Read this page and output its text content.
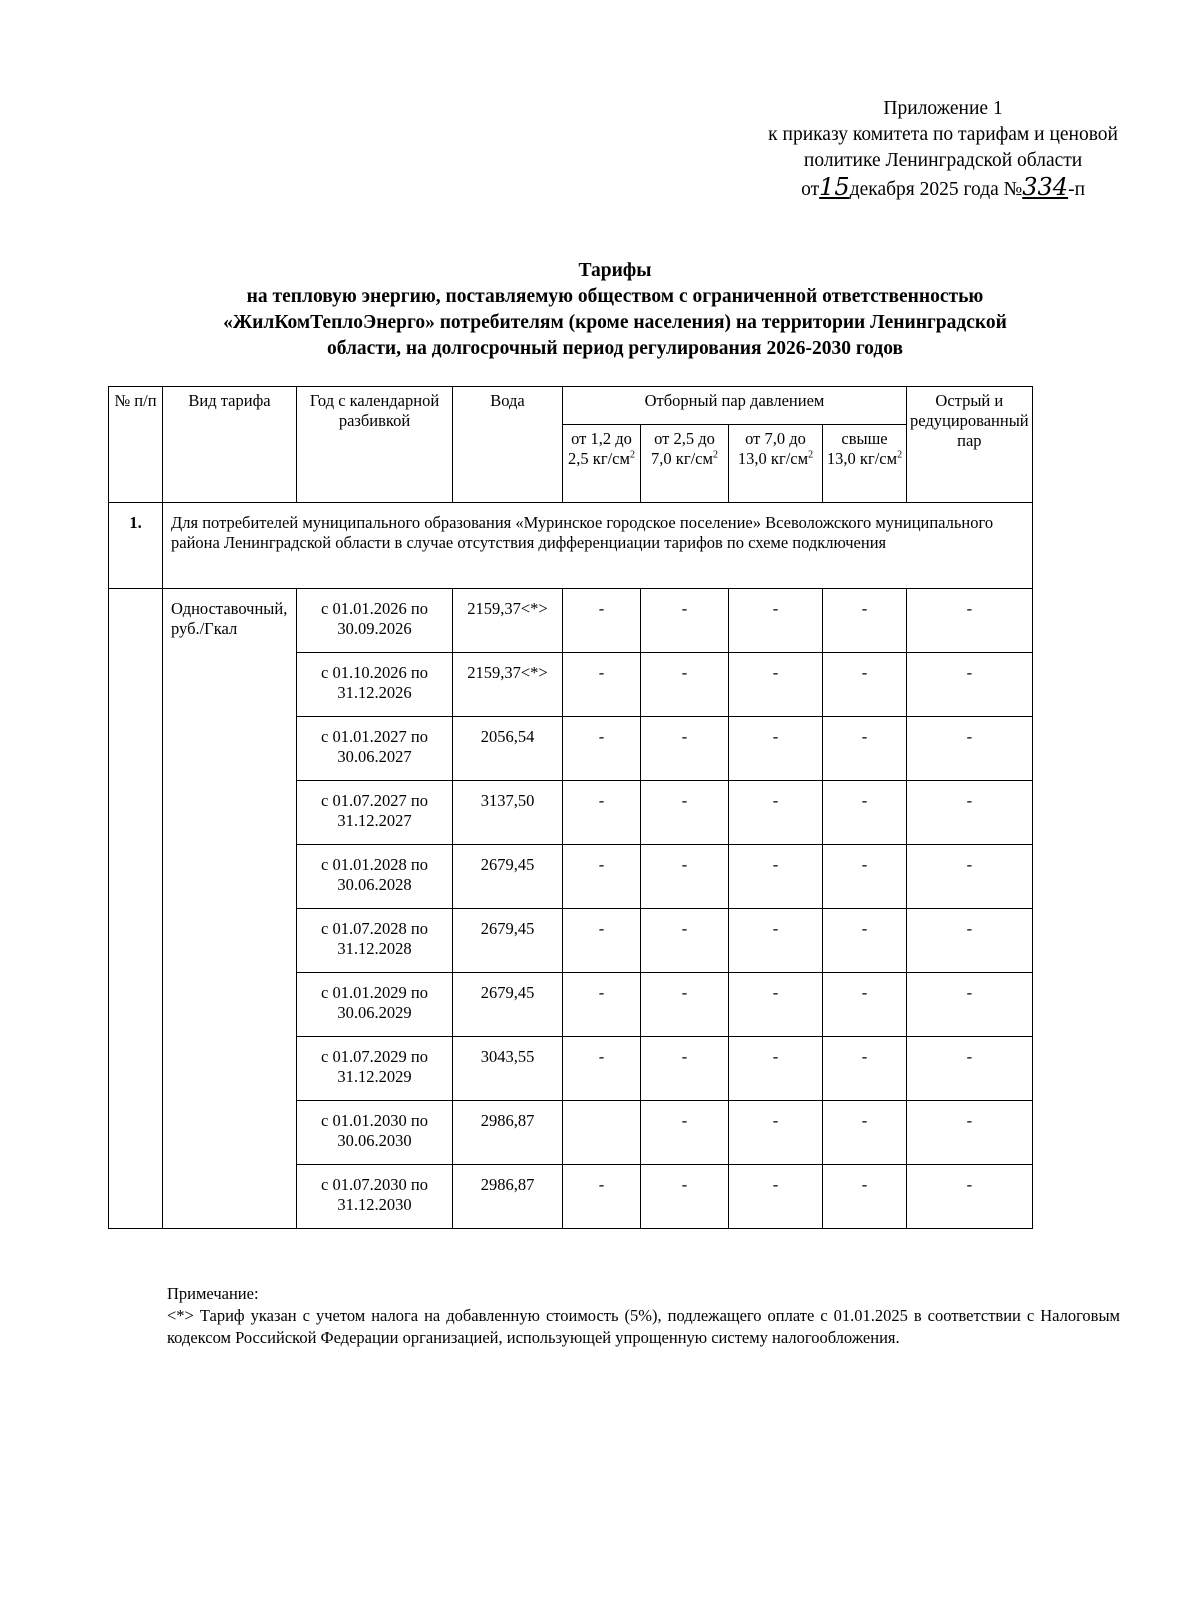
Приложение 1
к приказу комитета по тарифам и ценовой
политике Ленинградской области
от15декабря 2025 года №334-п
Тарифы
на тепловую энергию, поставляемую обществом с ограниченной ответственностью
«ЖилКомТеплоЭнерго» потребителям (кроме населения) на территории Ленинградской
области, на долгосрочный период регулирования 2026-2030 годов
№ п/п	Вид тарифа	Год с календарной разбивкой	Вода	Отборный пар давлением				Острый и редуцированный пар
				от 1,2 до 2,5 $кг/см^2$	от 2,5 до 7,0 $кг/см^2$	от 7,0 до 13,0 $кг/см^2$	свыше 13,0 $кг/см^2$
1.	Для потребителей муниципального образования «Муринское городское поселение» Всеволожского муниципального района Ленинградской области в случае отсутствия дифференциации тарифов по схеме подключения							
	Одноставочный, руб./Гкал	с 01.01.2026 по 30.09.2026	2159,37<*>	-	-	-	-	-
		с 01.10.2026 по 31.12.2026	2159,37<*>	-	-	-	-	-
		с 01.01.2027 по 30.06.2027	2056,54	-	-	-	-	-
		с 01.07.2027 по 31.12.2027	3137,50	-	-	-	-	-
		с 01.01.2028 по 30.06.2028	2679,45	-	-	-	-	-
		с 01.07.2028 по 31.12.2028	2679,45	-	-	-	-	-
		с 01.01.2029 по 30.06.2029	2679,45	-	-	-	-	-
		с 01.07.2029 по 31.12.2029	3043,55	-	-	-	-	-
		с 01.01.2030 по 30.06.2030	2986,87		-	-	-	-
		с 01.07.2030 по 31.12.2030	2986,87	-	-	-	-	-
Примечание:
<*> Тариф указан с учетом налога на добавленную стоимость (5%), подлежащего оплате с 01.01.2025 в соответствии с Налоговым кодексом Российской Федерации организацией, использующей упрощенную систему налогообложения.
